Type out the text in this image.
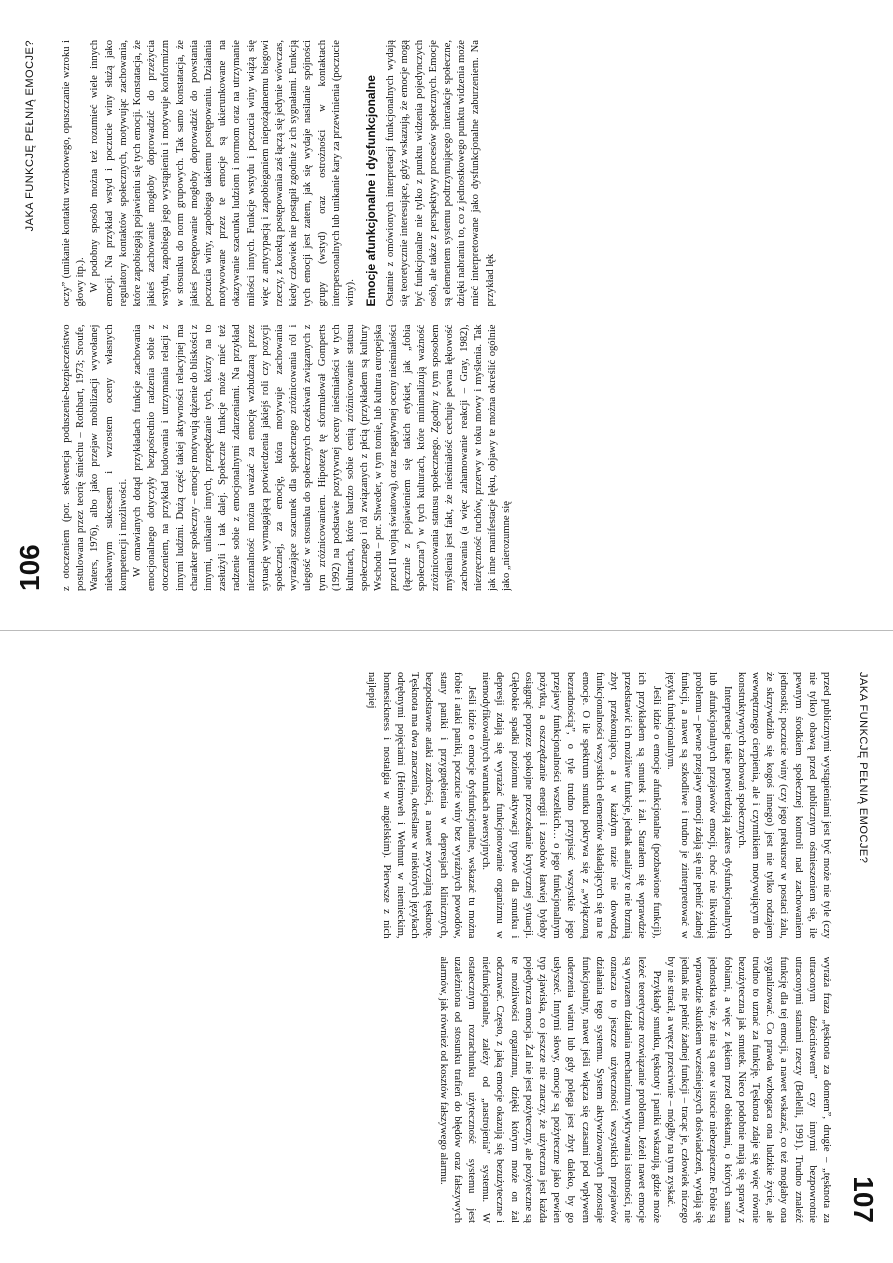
106
JAKA FUNKCJĘ PEŁNIĄ EMOCJE?

z otoczeniem (por. sekwencja poduszenie-bezpieczeństwo postulowana przez teorię śmiechu – Rothbart, 1973; Sroufe, Waters, 1976), albo jako przejaw mobilizacji wywołanej niebawnym sukcesem i wzrostem oceny własnych kompetencji i możliwości. W omawianych dotąd przykładach funkcje zachowania emocjonalnego dotyczyły bezpośrednio radzenia sobie z otoczeniem, na przykład budowania i utrzymania relacji z innymi ludźmi. Dużą część takiej aktywności relacyjnej ma charakter społeczny – emocje motywują dążenie do bliskości z innymi, unikanie innych, przepędzanie tych, którzy na to zasłużyli i tak dalej. Społeczne funkcje może mieć też radzenie sobie z emocjonalnymi zdarzeniami. Na przykład niezmalność można uważać za emocję wzbudzaną przez sytuację wymagającą potwierdzenia jakiejś roli czy pozycji społecznej, za emocję, która motywuje zachowania wyrażające szacunek dla społecznego zróżnicowania ról i ulegość w stosunku do społecznych oczekiwań związanych z tym zróżnicowaniem. Hipotezę tę sformułował Gomperts (1992) na podstawie pozytywnej oceny nieśmiałości w tych kulturach, które bardzo sobie cenią zróżnicowanie statusu społecznego i ról związanych z płcią (przykładem są kultury Wschodu – por. Shweder, w tym tomie, lub kultura europejska przed II wojną światową), oraz negatywnej oceny nieśmiałości (łącznie z pojawieniem się takich etykiet, jak „fobia społeczna”) w tych kulturach, które minimalizują ważność zróżnicowania statusu społecznego. Zgodny z tym sposobem myślenia jest fakt, że nieśmiałość cechuje pewna łękowość zachowania (a więc zahamowanie reakcji – Gray, 1982), niezręczność ruchów, przerwy w toku mowy i myślenia. Tak jak inne manifestacje lęku, objawy te można określić ogólnie jako „nierozumne się

oczy” (unikanie kontaktu wzrokowego, opuszczanie wzroku i głowy itp.). W podobny sposób można też rozumieć wiele innych emocji. Na przykład wstyd i poczucie winy służą jako regulatory kontaktów społecznych, motywując zachowania, które zapobiegają pojawieniu się tych emocji. Konstatacja, że jakieś zachowanie mogłoby doprowadzić do przeżycia wstydu, zapobiega jego wystąpieniu i motywuje konformizm w stosunku do norm grupowych. Tak samo konstatacja, że jakieś postępowanie mogłoby doprowadzić do powstania poczucia winy, zapobiega takiemu postępowaniu. Działania motywowane przez te emocje są ukierunkowane na okazywanie szacunku ludziom i normom oraz na utrzymanie miłości innych. Funkcje wstydu i poczucia winy wiążą się więc z antycypacją i zapobieganiem niepożądanemu biegowi rzeczy, z korektą postępowania zaś łączą się jedynie wówczas, kiedy człowiek nie postąpił zgodnie z ich sygnałami. Funkcją tych emocji jest zatem, jak się wydaje nasilanie spójności grupy (wstyd) oraz ostrożności w kontaktach interpersonalnych lub unikanie kary za przewinienia (poczucie winy). Emocje afunkcjonalne i dysfunkcjonalne Ostatnie z omówionych interpretacji funkcjonalnych wydają się teoretycznie interesujące, gdyż wskazują, że emocje mogą być funkcjonalne nie tylko z punktu widzenia pojedynczych osób, ale także z perspektywy procesów społecznych. Emocje są elementem systemu podtrzymującego interakcje społeczne, dzięki nabraniu to, co z jednostkowego punktu widzenia może mieć interpretowane jako dysfunkcjonalne zaburzeniem. Na przykład lęk

JAKA FUNKCJĘ PEŁNIĄ EMOCJE?
107

przed publicznymi wystąpieniami jest być może nie tyle (czy nie tylko) obawą przed publicznym ośmieszeniem się, ile pewnym środkiem społecznej kontroli nad zachowaniem jednostki; poczucie winy (czy jego prekursor w postaci żalu, że skrzywdziło się kogoś innego) jest nie tylko rodzajem wewnętrznego cierpienia, ale i czynnikiem motywującym do konstruktywnych zachowań społecznych.

Interpretacje takie potwierdzają zakres dysfunkcjonalnych lub afunkcjonalnych przejawów emocji, choć nie likwidują problemu – pewne przejawy emocji zdają się nie pełnić żadnej funkcji, a nawet są szkodliwe i trudno je zinterpretować w języku funkcjonalnym.

Jeśli idzie o emocje afunkcjonalne (pozbawione funkcji), ich przykładem są smutek i żal. Starałem się wprawdzie przedstawić ich możliwe funkcje, jednak analizy te nie brzmią zbyt przekonująco, a w każdym razie nie dowodzą funkcjonalności wszystkich elementów składających się na te emocje. O ile spektrum smutku pokrywa się z „wyłączoną bezradnością”, o tyle trudno przypisać wszystkie jego przejawy funkcjonalności wszelkich… o jego funkcjonalnym pożytku, a oszczędzanie energii i zasobów łatwiej byłoby osiągnąć poprzez spokojne przeczekanie krytycznej sytuacji. Głębokie spadki poziomu aktywacji typowe dla smutku i depresji zdają się wyrażać funkcjonowanie organizmu w niemodyfikowalnych warunkach awersyjnych.

Jeśli idzie o emocje dysfunkcjonalne, wskazać tu można fobie i ataki paniki, poczucie winy bez wyraźnych powodów, stany paniki i przygnębienia w depresjach klinicznych, bezpodstawne ataki zazdrości, a nawet zwyczajną tęsknotę. Tęsknota ma dwa znaczenia, określane w niektórych językach odrębnymi pojęciami (Heimweh i Wehmut w niemieckim, homesickness i nostalgia w angielskim). Pierwsze z nich najlepiej

wyraża fraza „tęsknota za domem”, drugie – „tęsknota za utraconym dzieciństwem” czy innymi bezpowrotnie utraconymi stanami rzeczy (Bellelli, 1991). Trudno znaleźć funkcję dla tej emocji, a nawet wskazać, co też mogłaby ona sygnalizować. Co prawda wzbogaca ona ludzkie życie, ale trudno to uznać za funkcję. Tęsknota zdaje się więc równie bezużyteczna jak smutek. Nieco podobnie mają się sprawy z fobiami, a więc z lękiem przed obiektami, o których sama jednostka wie, że nie są one w istocie niebezpieczne. Fobie są wprawdzie skutkiem wcześniejszych doświadczeń, wydają się jednak nie pełnić żadnej funkcji – tracąc je, człowiek niczego by nie stracił, a wręcz przeciwnie – mógłby na tym zyskać.

Przykłady smutku, tęsknoty i paniki wskazują, gdzie może leżeć teoretyczne rozwiązanie problemu. Jeżeli nawet emocje są wyrazem działania mechanizmu wykrywania istotności, nie oznacza to jeszcze użyteczności wszystkich przejawów działania tego systemu. System aktywizowanych pozostaje funkcjonalny, nawet jeśli włącza się czasami pod wpływem uderzenia wiatru lub gdy polega jest zbyt daleko, by go usłyszeć. Innymi słowy, emocje są pożyteczne jako pewien typ zjawiska, co jeszcze nie znaczy, że użyteczna jest każda pojedyncza emocja. Żal nie jest pożyteczny, ale pożyteczne są te możliwości organizmu, dzięki którym może on żal odczuwać. Często, z jaką emocje okazują się bezużyteczne i niefunkcjonalne, zależy od „nastrojenia” systemu. W ostatecznym rozrachunku użyteczność systemu jest uzależniona od stosunku trafień do błędów oraz fałszywych alarmów, jak również od kosztów fałszywego alarmu.
